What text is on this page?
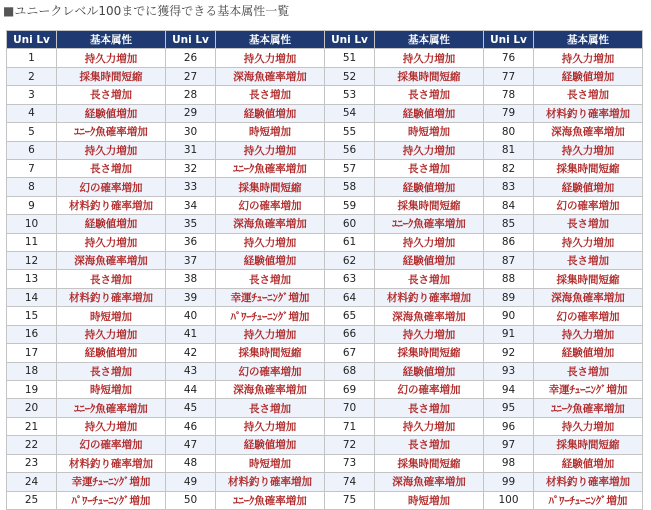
■ユニークレベル100までに獲得できる基本属性一覧
Uni Lv	基本属性	Uni Lv	基本属性	Uni Lv	基本属性	Uni Lv	基本属性
1	持久力増加	26	持久力増加	51	持久力増加	76	持久力増加
2	採集時間短縮	27	深海魚確率増加	52	採集時間短縮	77	経験値増加
3	長さ増加	28	長さ増加	53	長さ増加	78	長さ増加
4	経験値増加	29	経験値増加	54	経験値増加	79	材料釣り確率増加
5	ﾕﾆｰｸ魚確率増加	30	時短増加	55	時短増加	80	深海魚確率増加
6	持久力増加	31	持久力増加	56	持久力増加	81	持久力増加
7	長さ増加	32	ﾕﾆｰｸ魚確率増加	57	長さ増加	82	採集時間短縮
8	幻の確率増加	33	採集時間短縮	58	経験値増加	83	経験値増加
9	材料釣り確率増加	34	幻の確率増加	59	採集時間短縮	84	幻の確率増加
10	経験値増加	35	深海魚確率増加	60	ﾕﾆｰｸ魚確率増加	85	長さ増加
11	持久力増加	36	持久力増加	61	持久力増加	86	持久力増加
12	深海魚確率増加	37	経験値増加	62	経験値増加	87	長さ増加
13	長さ増加	38	長さ増加	63	長さ増加	88	採集時間短縮
14	材料釣り確率増加	39	幸運ﾁｭｰﾆﾝｸﾞ増加	64	材料釣り確率増加	89	深海魚確率増加
15	時短増加	40	ﾊﾟﾜｰﾁｭｰﾆﾝｸﾞ増加	65	深海魚確率増加	90	幻の確率増加
16	持久力増加	41	持久力増加	66	持久力増加	91	持久力増加
17	経験値増加	42	採集時間短縮	67	採集時間短縮	92	経験値増加
18	長さ増加	43	幻の確率増加	68	経験値増加	93	長さ増加
19	時短増加	44	深海魚確率増加	69	幻の確率増加	94	幸運ﾁｭｰﾆﾝｸﾞ増加
20	ﾕﾆｰｸ魚確率増加	45	長さ増加	70	長さ増加	95	ﾕﾆｰｸ魚確率増加
21	持久力増加	46	持久力増加	71	持久力増加	96	持久力増加
22	幻の確率増加	47	経験値増加	72	長さ増加	97	採集時間短縮
23	材料釣り確率増加	48	時短増加	73	採集時間短縮	98	経験値増加
24	幸運ﾁｭｰﾆﾝｸﾞ増加	49	材料釣り確率増加	74	深海魚確率増加	99	材料釣り確率増加
25	ﾊﾟﾜｰﾁｭｰﾆﾝｸﾞ増加	50	ﾕﾆｰｸ魚確率増加	75	時短増加	100	ﾊﾟﾜｰﾁｭｰﾆﾝｸﾞ増加
